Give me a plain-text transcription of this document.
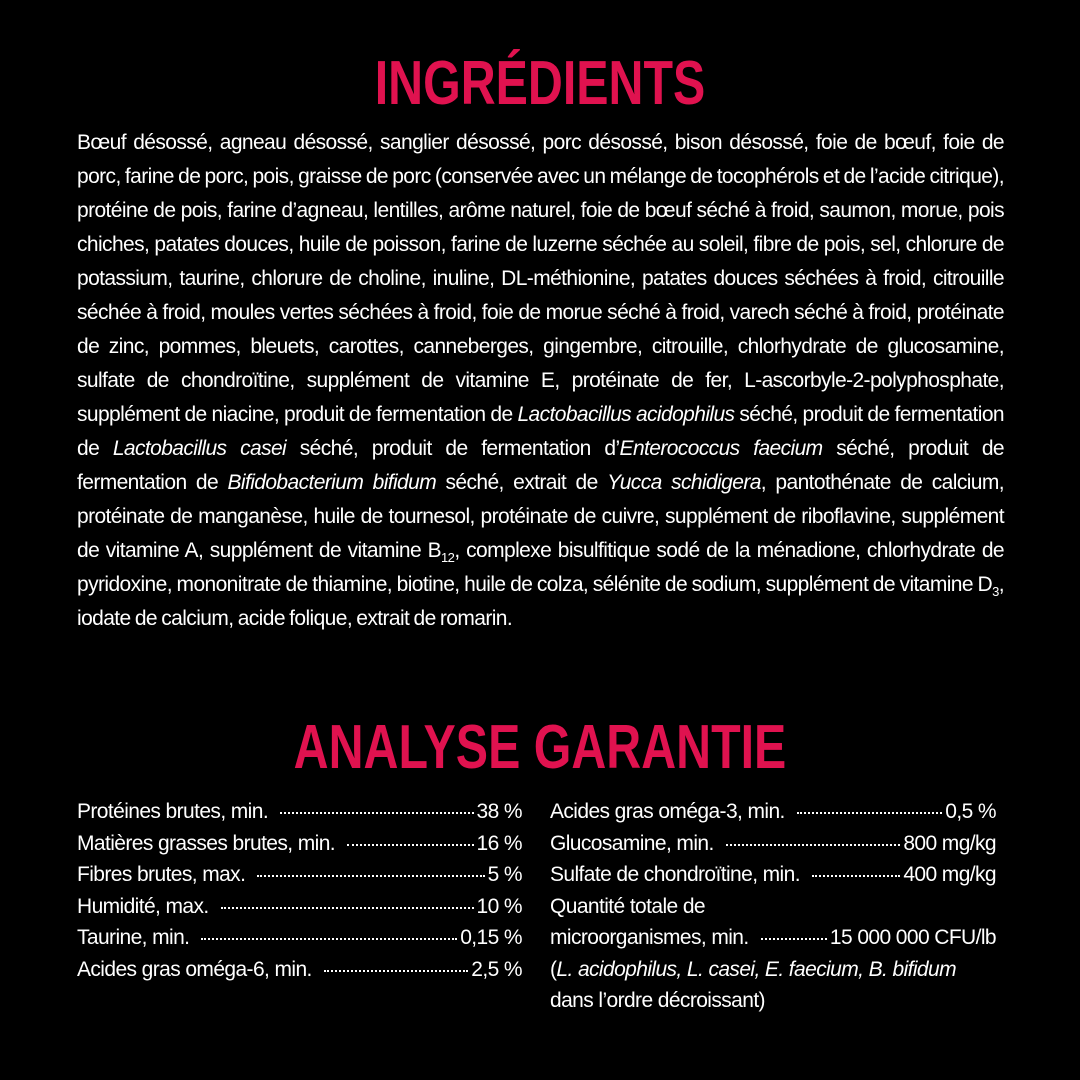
INGRÉDIENTS
Bœuf désossé, agneau désossé, sanglier désossé, porc désossé, bison désossé, foie de bœuf, foie de porc, farine de porc, pois, graisse de porc (conservée avec un mélange de tocophérols et de l’acide citrique), protéine de pois, farine d’agneau, lentilles, arôme naturel, foie de bœuf séché à froid, saumon, morue, pois chiches, patates douces, huile de poisson, farine de luzerne séchée au soleil, fibre de pois, sel, chlorure de potassium, taurine, chlorure de choline, inuline, DL-méthionine, patates douces séchées à froid, citrouille séchée à froid, moules vertes séchées à froid, foie de morue séché à froid, varech séché à froid, protéinate de zinc, pommes, bleuets, carottes, canneberges, gingembre, citrouille, chlorhydrate de glucosamine, sulfate de chondroïtine, supplément de vitamine E, protéinate de fer, L-ascorbyle-2-polyphosphate, supplément de niacine, produit de fermentation de Lactobacillus acidophilus séché, produit de fermentation de Lactobacillus casei séché, produit de fermentation d’Enterococcus faecium séché, produit de fermentation de Bifidobacterium bifidum séché, extrait de Yucca schidigera, pantothénate de calcium, protéinate de manganèse, huile de tournesol, protéinate de cuivre, supplément de riboflavine, supplément de vitamine A, supplément de vitamine $B_{12}$, complexe bisulfitique sodé de la ménadione, chlorhydrate de pyridoxine, mononitrate de thiamine, biotine, huile de colza, sélénite de sodium, supplément de vitamine $D_3$, iodate de calcium, acide folique, extrait de romarin.
ANALYSE GARANTIE
Protéines brutes, min.	38 %
Matières grasses brutes, min.	16 %
Fibres brutes, max.	5 %
Humidité, max.	10 %
Taurine, min.	0,15 %
Acides gras oméga-6, min.	2,5 %
Acides gras oméga-3, min.	0,5 %
Glucosamine, min.	800 mg/kg
Sulfate de chondroïtine, min.	400 mg/kg
Quantité totale de
microorganismes, min.	15 000 000 CFU/lb
(L. acidophilus, L. casei, E. faecium, B. bifidum
dans l’ordre décroissant)
